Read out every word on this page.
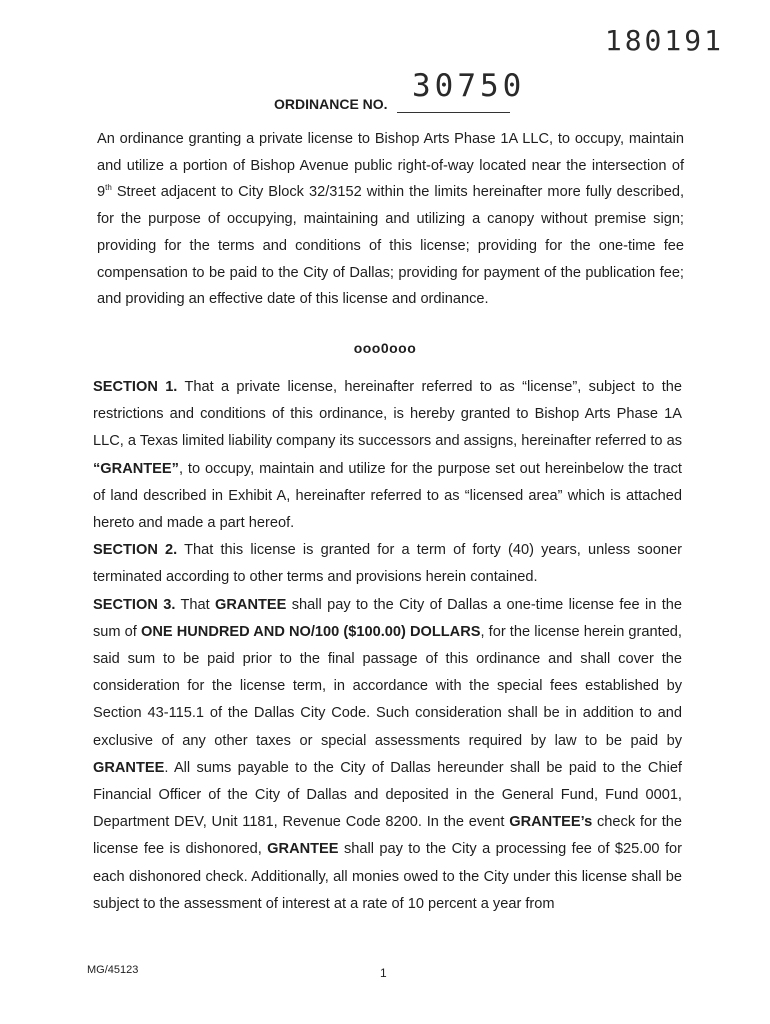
180191
ORDINANCE NO. 30750
An ordinance granting a private license to Bishop Arts Phase 1A LLC, to occupy, maintain and utilize a portion of Bishop Avenue public right-of-way located near the intersection of 9th Street adjacent to City Block 32/3152 within the limits hereinafter more fully described, for the purpose of occupying, maintaining and utilizing a canopy without premise sign; providing for the terms and conditions of this license; providing for the one-time fee compensation to be paid to the City of Dallas; providing for payment of the publication fee; and providing an effective date of this license and ordinance.
ooo0ooo

SECTION 1. That a private license, hereinafter referred to as “license”, subject to the restrictions and conditions of this ordinance, is hereby granted to Bishop Arts Phase 1A LLC, a Texas limited liability company its successors and assigns, hereinafter referred to as “GRANTEE”, to occupy, maintain and utilize for the purpose set out hereinbelow the tract of land described in Exhibit A, hereinafter referred to as “licensed area” which is attached hereto and made a part hereof.

SECTION 2. That this license is granted for a term of forty (40) years, unless sooner terminated according to other terms and provisions herein contained.

SECTION 3. That GRANTEE shall pay to the City of Dallas a one-time license fee in the sum of ONE HUNDRED AND NO/100 ($100.00) DOLLARS, for the license herein granted, said sum to be paid prior to the final passage of this ordinance and shall cover the consideration for the license term, in accordance with the special fees established by Section 43-115.1 of the Dallas City Code. Such consideration shall be in addition to and exclusive of any other taxes or special assessments required by law to be paid by GRANTEE. All sums payable to the City of Dallas hereunder shall be paid to the Chief Financial Officer of the City of Dallas and deposited in the General Fund, Fund 0001, Department DEV, Unit 1181, Revenue Code 8200. In the event GRANTEE’s check for the license fee is dishonored, GRANTEE shall pay to the City a processing fee of $25.00 for each dishonored check. Additionally, all monies owed to the City under this license shall be subject to the assessment of interest at a rate of 10 percent a year from

MG/45123	1
